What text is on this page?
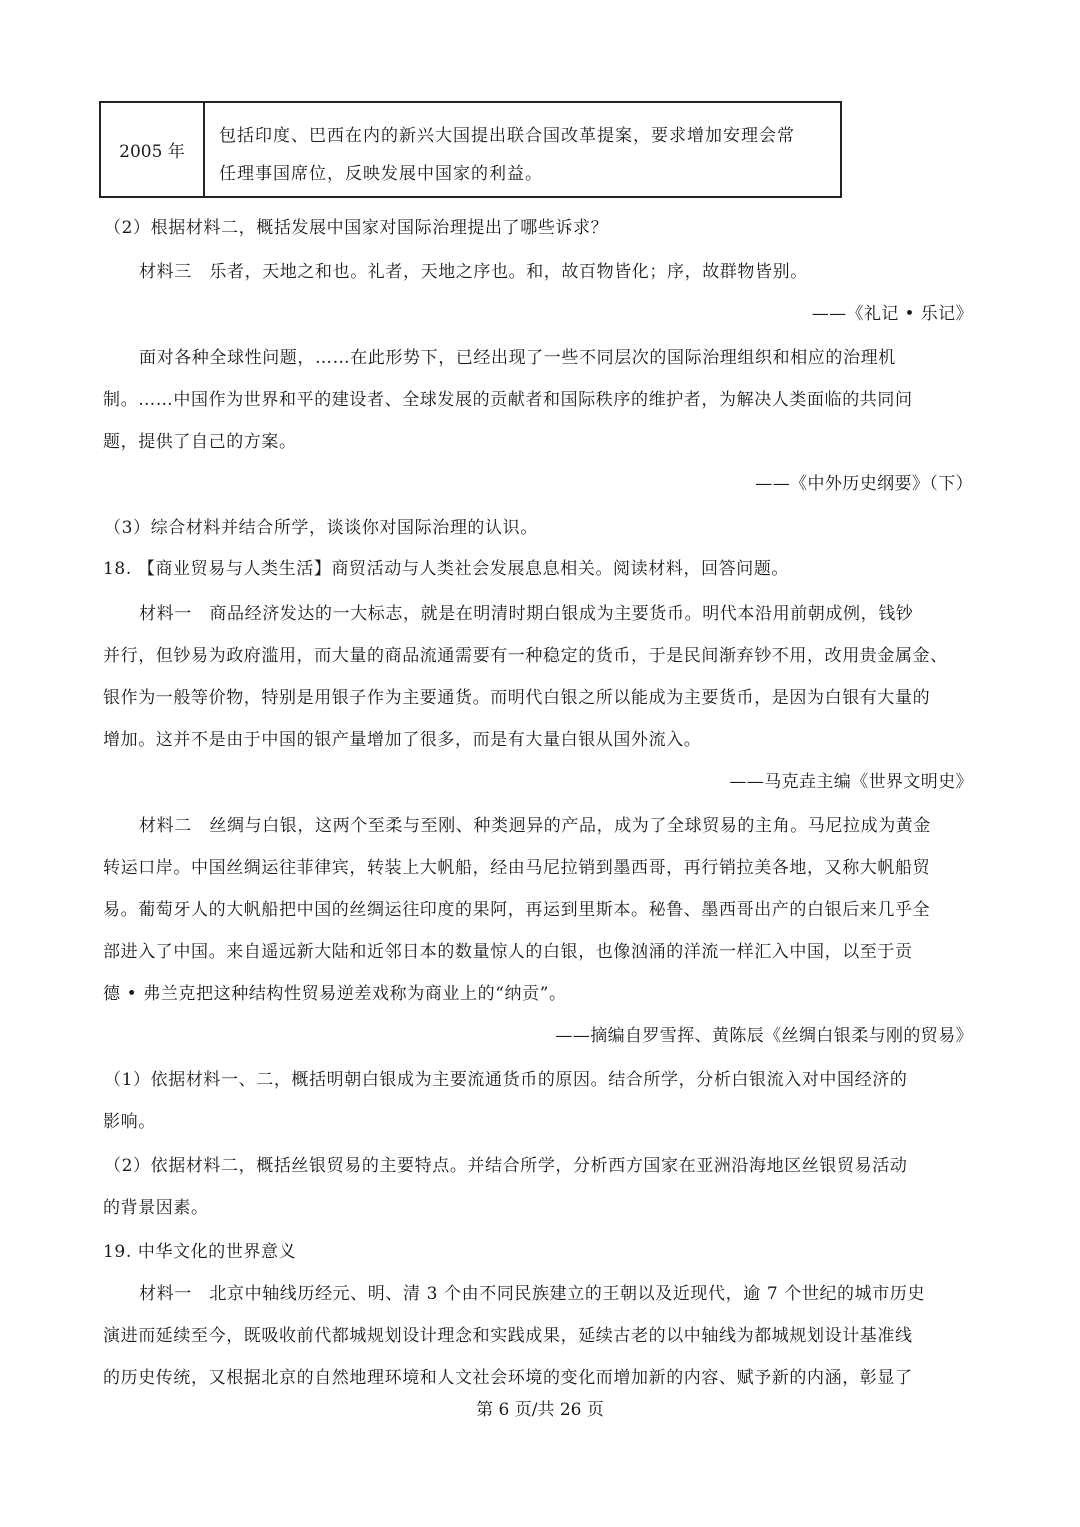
2005 年
包括印度、巴西在内的新兴大国提出联合国改革提案，要求增加安理会常
任理事国席位，反映发展中国家的利益。
（2）根据材料二，概括发展中国家对国际治理提出了哪些诉求？
材料三　乐者，天地之和也。礼者，天地之序也。和，故百物皆化；序，故群物皆别。
——《礼记 • 乐记》
面对各种全球性问题，……在此形势下，已经出现了一些不同层次的国际治理组织和相应的治理机
制。……中国作为世界和平的建设者、全球发展的贡献者和国际秩序的维护者，为解决人类面临的共同问
题，提供了自己的方案。
——《中外历史纲要》（下）
（3）综合材料并结合所学，谈谈你对国际治理的认识。
18. 【商业贸易与人类生活】商贸活动与人类社会发展息息相关。阅读材料，回答问题。
材料一　商品经济发达的一大标志，就是在明清时期白银成为主要货币。明代本沿用前朝成例，钱钞
并行，但钞易为政府滥用，而大量的商品流通需要有一种稳定的货币，于是民间渐弃钞不用，改用贵金属金、
银作为一般等价物，特别是用银子作为主要通货。而明代白银之所以能成为主要货币，是因为白银有大量的
增加。这并不是由于中国的银产量增加了很多，而是有大量白银从国外流入。
——马克垚主编《世界文明史》
材料二　丝绸与白银，这两个至柔与至刚、种类迥异的产品，成为了全球贸易的主角。马尼拉成为黄金
转运口岸。中国丝绸运往菲律宾，转装上大帆船，经由马尼拉销到墨西哥，再行销拉美各地，又称大帆船贸
易。葡萄牙人的大帆船把中国的丝绸运往印度的果阿，再运到里斯本。秘鲁、墨西哥出产的白银后来几乎全
部进入了中国。来自遥远新大陆和近邻日本的数量惊人的白银，也像汹涌的洋流一样汇入中国，以至于贡
德 • 弗兰克把这种结构性贸易逆差戏称为商业上的“纳贡”。
——摘编自罗雪挥、黄陈辰《丝绸白银柔与刚的贸易》
（1）依据材料一、二，概括明朝白银成为主要流通货币的原因。结合所学，分析白银流入对中国经济的
影响。
（2）依据材料二，概括丝银贸易的主要特点。并结合所学，分析西方国家在亚洲沿海地区丝银贸易活动
的背景因素。
19. 中华文化的世界意义
材料一　北京中轴线历经元、明、清 3 个由不同民族建立的王朝以及近现代，逾 7 个世纪的城市历史
演进而延续至今，既吸收前代都城规划设计理念和实践成果，延续古老的以中轴线为都城规划设计基准线
的历史传统，又根据北京的自然地理环境和人文社会环境的变化而增加新的内容、赋予新的内涵，彰显了
第 6 页/共 26 页
